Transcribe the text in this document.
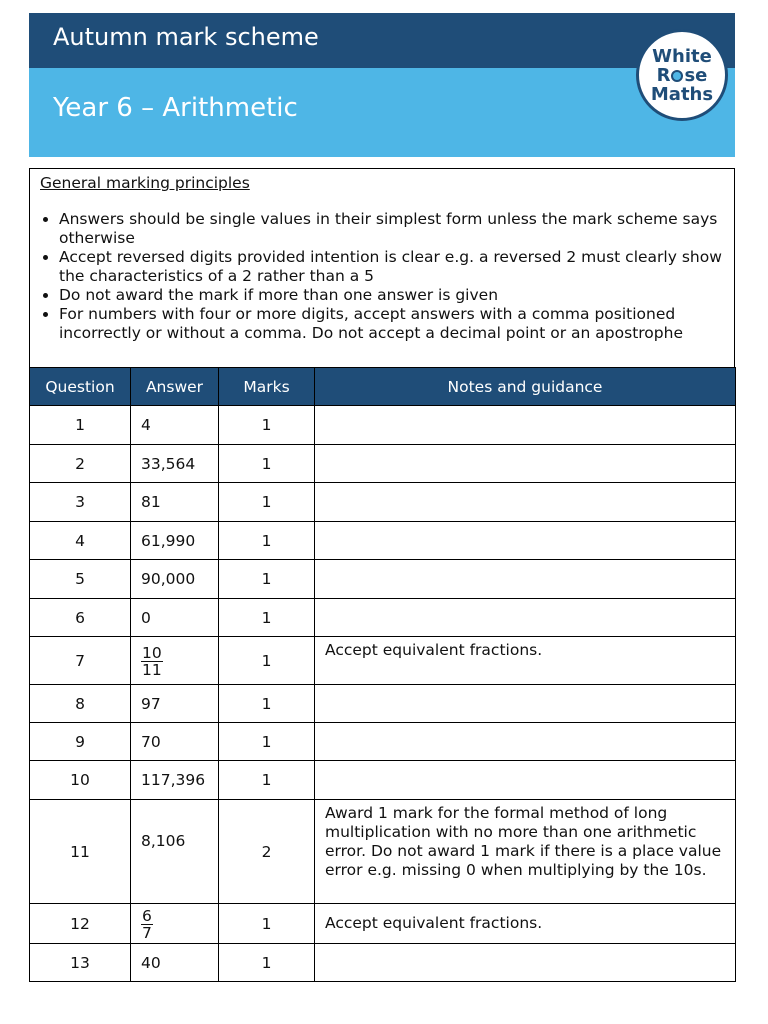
Autumn mark scheme
Year 6 – Arithmetic
White
R se
Maths
General marking principles
• Answers should be single values in their simplest form unless the mark scheme says otherwise
• Accept reversed digits provided intention is clear e.g. a reversed 2 must clearly show the characteristics of a 2 rather than a 5
• Do not award the mark if more than one answer is given
• For numbers with four or more digits, accept answers with a comma positioned incorrectly or without a comma. Do not accept a decimal point or an apostrophe
Question	Answer	Marks	Notes and guidance
1	4	1	
2	33,564	1	
3	81	1	
4	61,990	1	
5	90,000	1	
6	0	1	
7	$\frac{10}{11}$	1	Accept equivalent fractions.
8	97	1	
9	70	1	
10	117,396	1	
11	8,106	2	Award 1 mark for the formal method of long multiplication with no more than one arithmetic error. Do not award 1 mark if there is a place value error e.g. missing 0 when multiplying by the 10s.
12	$\frac{6}{7}$	1	Accept equivalent fractions.
13	40	1	
